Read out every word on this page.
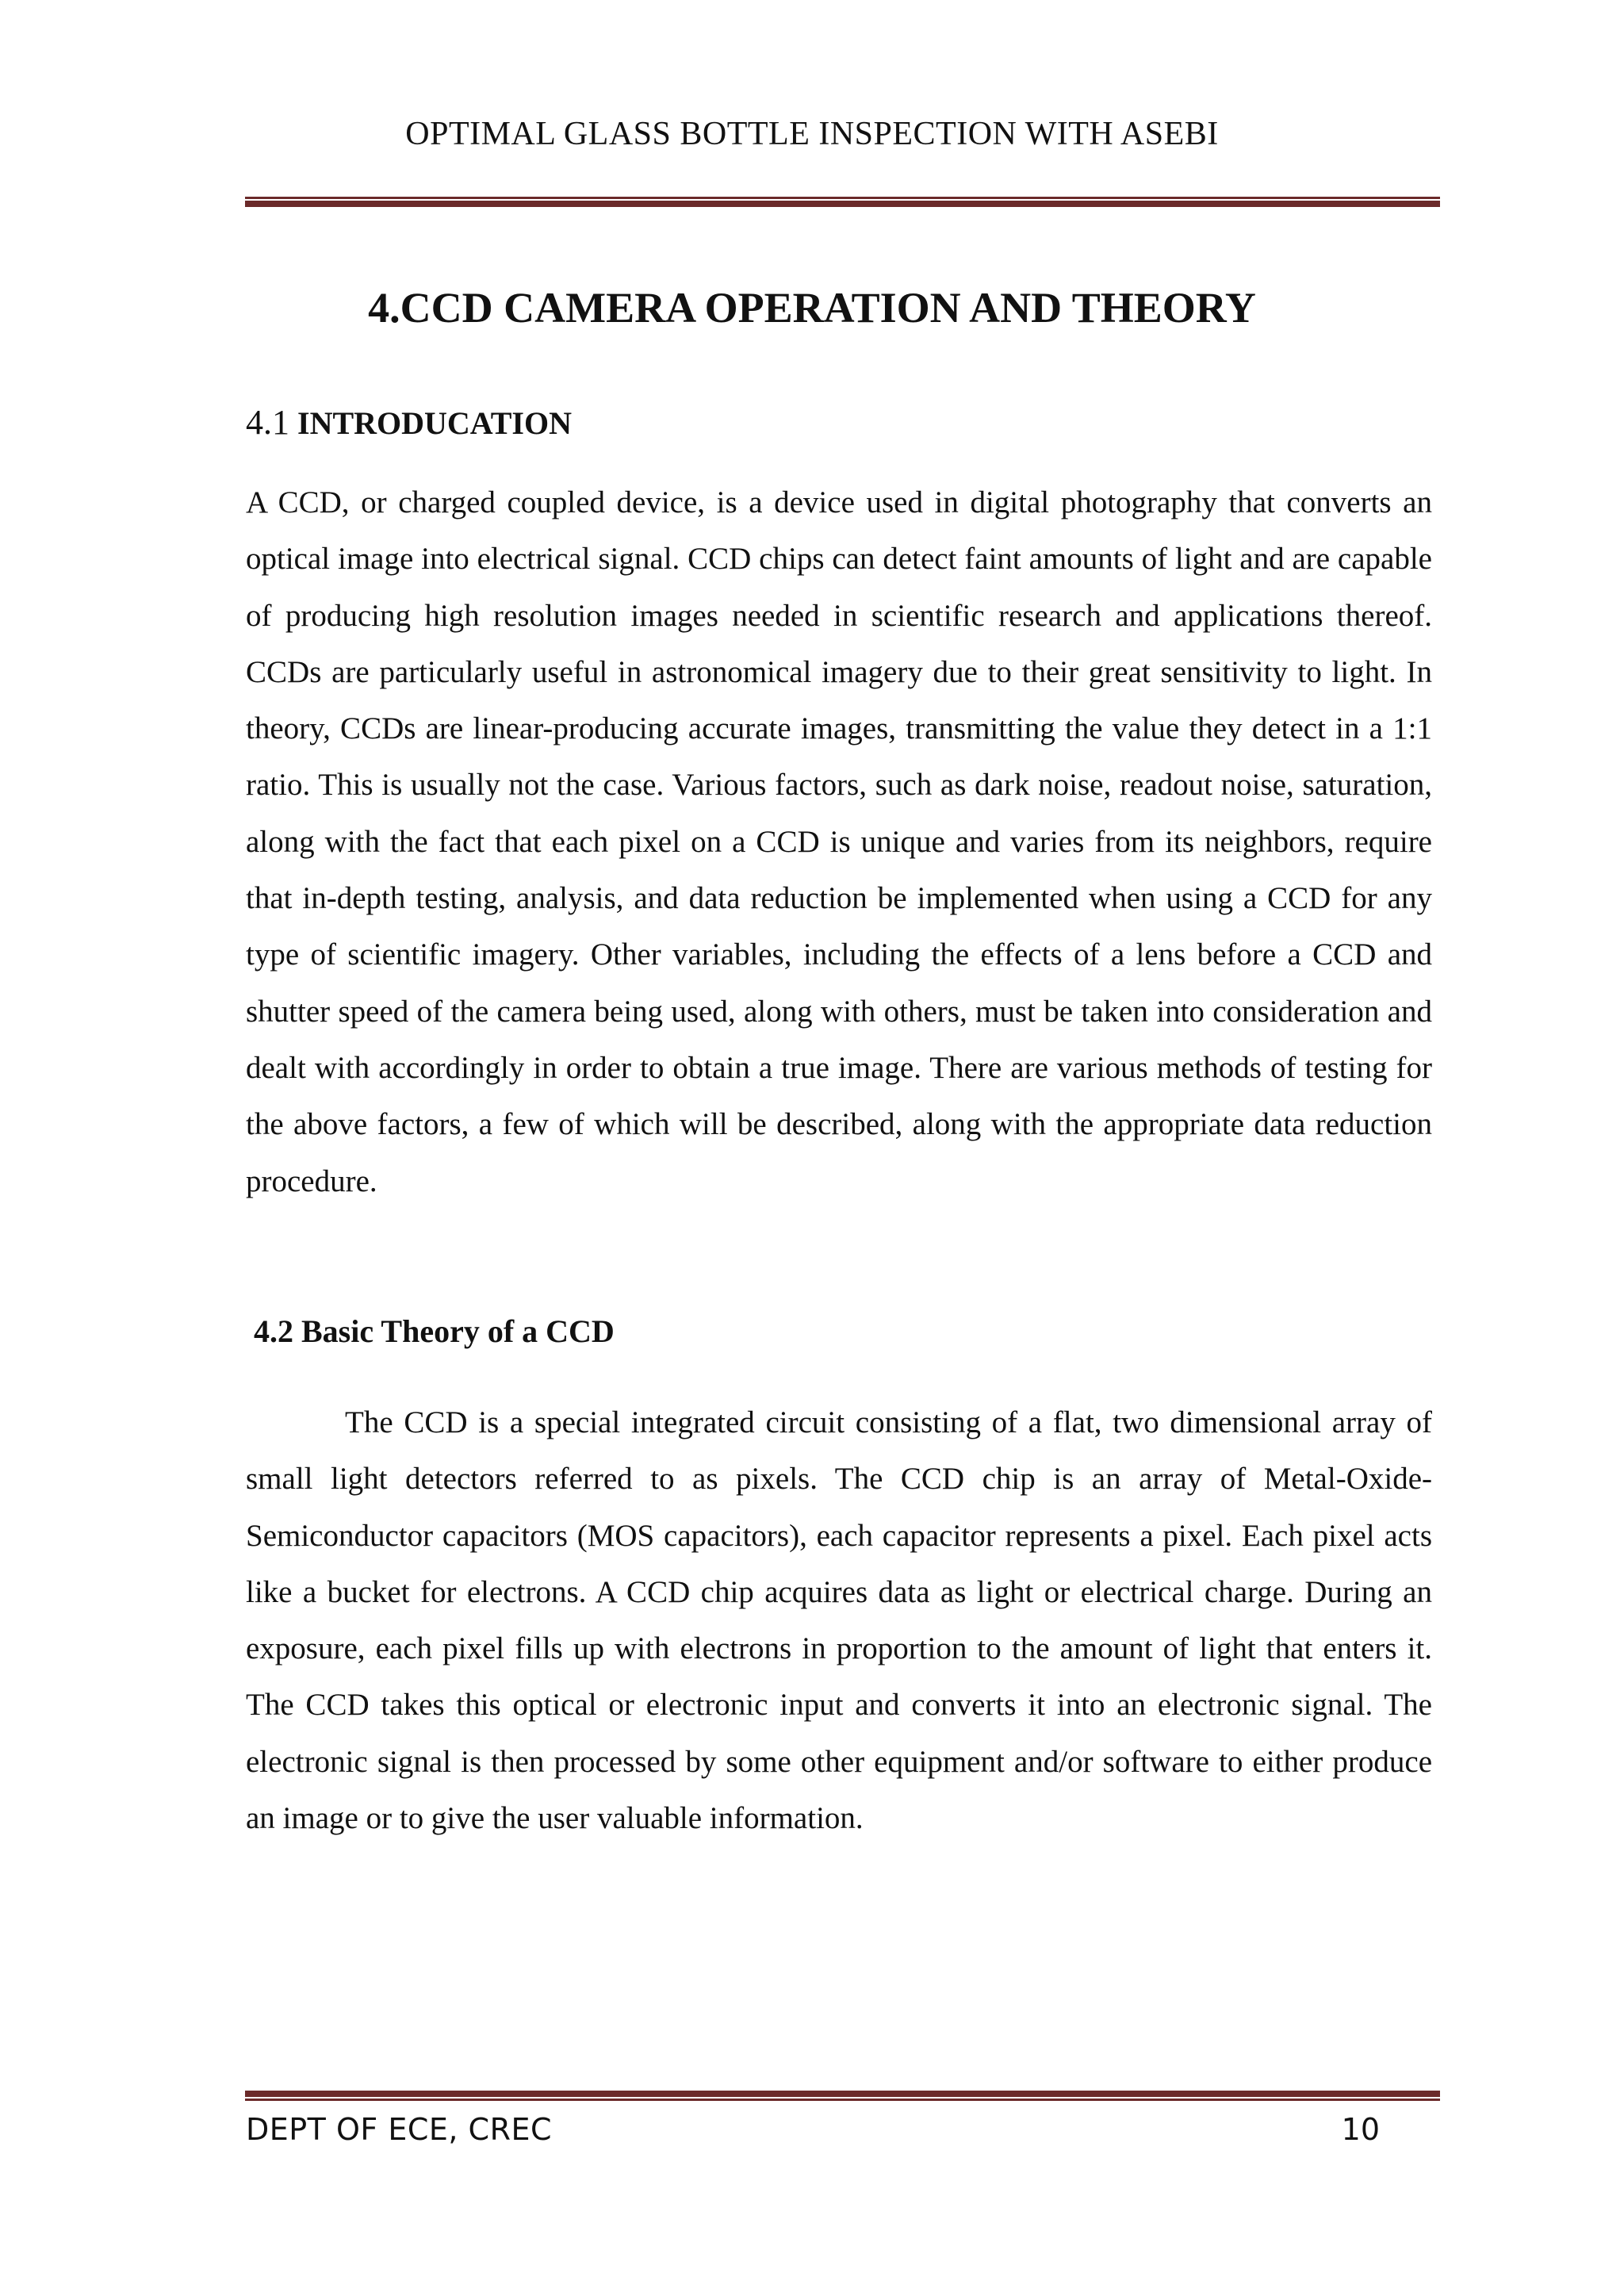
OPTIMAL GLASS BOTTLE INSPECTION WITH ASEBI
4.CCD CAMERA OPERATION AND THEORY
4.1 INTRODUCATION

A CCD, or charged coupled device, is a device used in digital photography that converts an optical image into electrical signal. CCD chips can detect faint amounts of light and are capable of producing high resolution images needed in scientific research and applications thereof. CCDs are particularly useful in astronomical imagery due to their great sensitivity to light. In theory, CCDs are linear-producing accurate images, transmitting the value they detect in a 1:1 ratio. This is usually not the case. Various factors, such as dark noise, readout noise, saturation, along with the fact that each pixel on a CCD is unique and varies from its neighbors, require that in-depth testing, analysis, and data reduction be implemented when using a CCD for any type of scientific imagery. Other variables, including the effects of a lens before a CCD and shutter speed of the camera being used, along with others, must be taken into consideration and dealt with accordingly in order to obtain a true image. There are various methods of testing for the above factors, a few of which will be described, along with the appropriate data reduction procedure.

4.2 Basic Theory of a CCD

The CCD is a special integrated circuit consisting of a flat, two dimensional array of small light detectors referred to as pixels. The CCD chip is an array of Metal-Oxide-Semiconductor capacitors (MOS capacitors), each capacitor represents a pixel. Each pixel acts like a bucket for electrons. A CCD chip acquires data as light or electrical charge. During an exposure, each pixel fills up with electrons in proportion to the amount of light that enters it. The CCD takes this optical or electronic input and converts it into an electronic signal. The electronic signal is then processed by some other equipment and/or software to either produce an image or to give the user valuable information.

DEPT OF ECE, CREC	10
